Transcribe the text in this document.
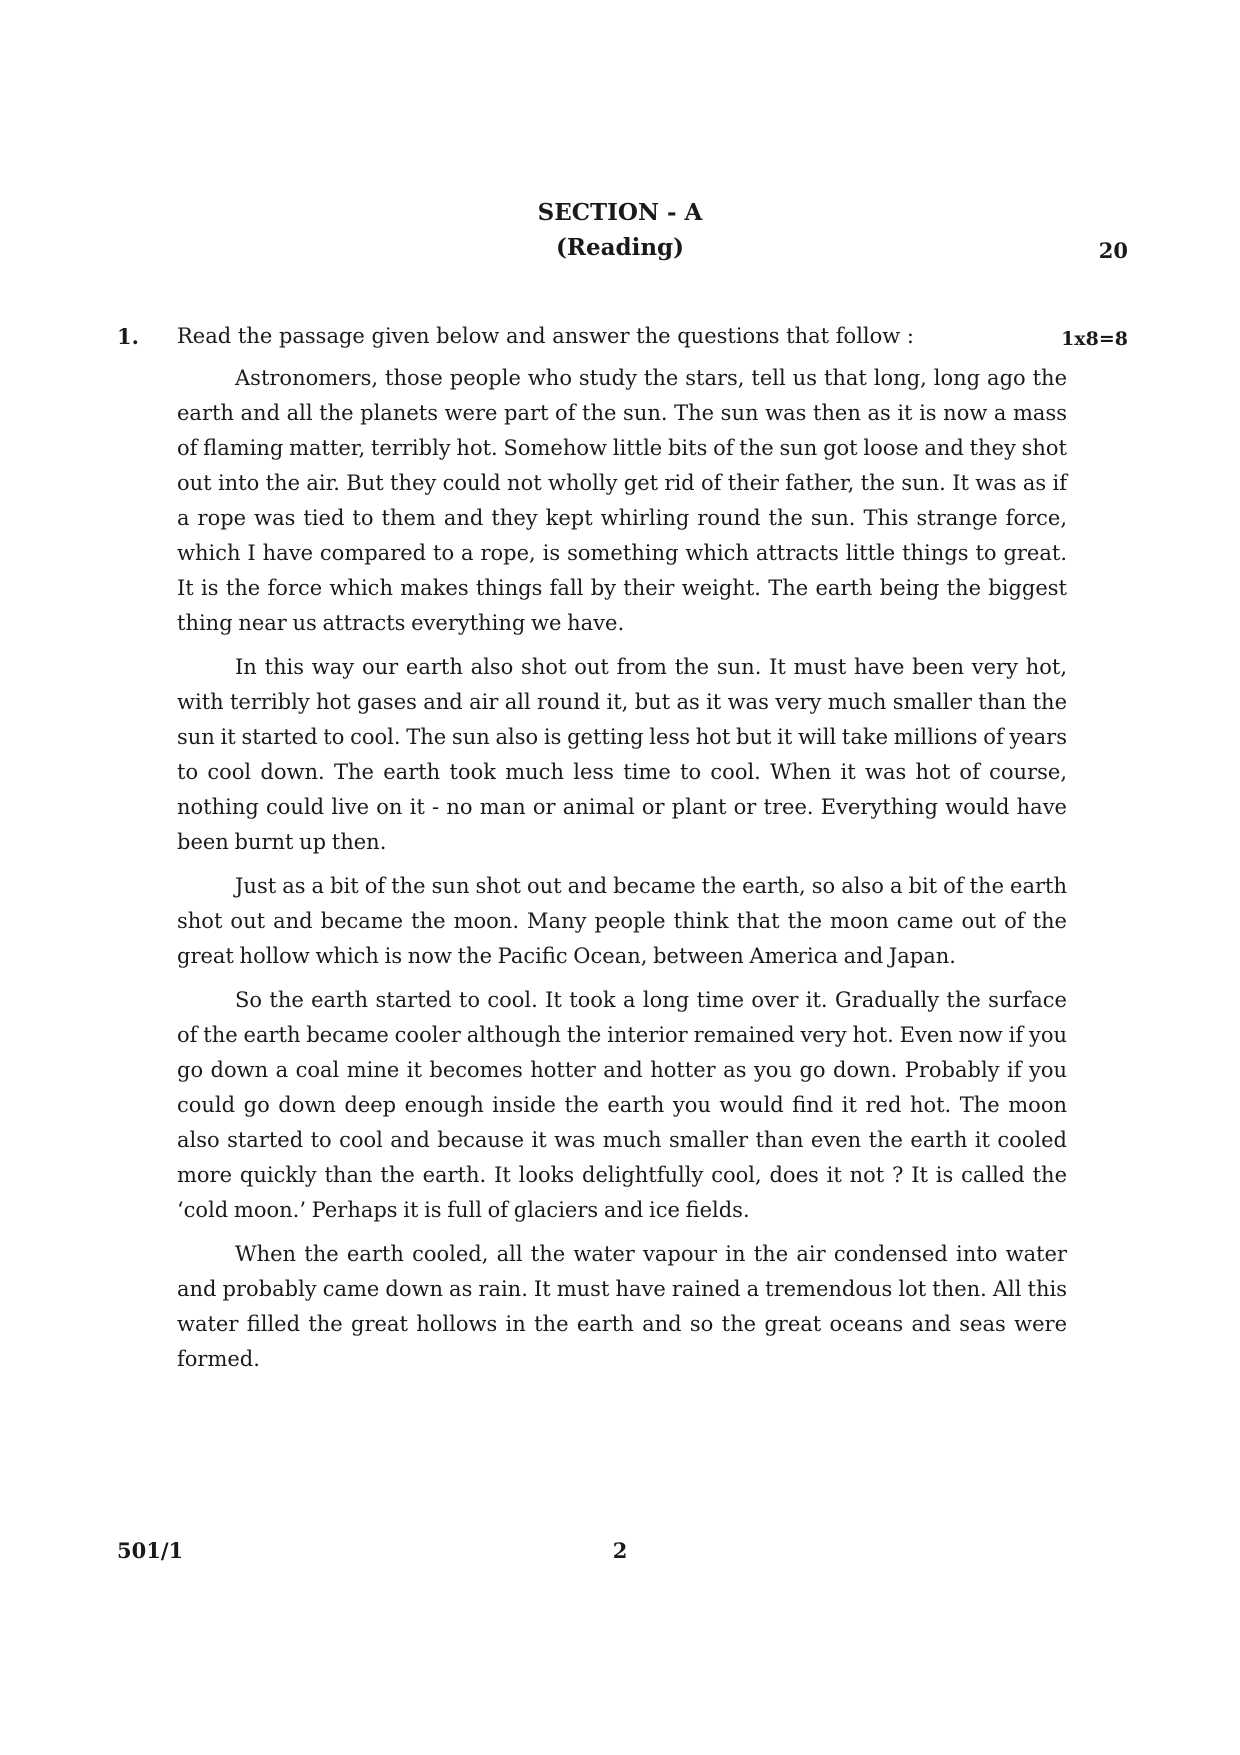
SECTION - A
(Reading)	20
1. Read the passage given below and answer the questions that follow :	1x8=8

Astronomers, those people who study the stars, tell us that long, long ago the earth and all the planets were part of the sun. The sun was then as it is now a mass of flaming matter, terribly hot. Somehow little bits of the sun got loose and they shot out into the air. But they could not wholly get rid of their father, the sun. It was as if a rope was tied to them and they kept whirling round the sun. This strange force, which I have compared to a rope, is something which attracts little things to great. It is the force which makes things fall by their weight. The earth being the biggest thing near us attracts everything we have.

In this way our earth also shot out from the sun. It must have been very hot, with terribly hot gases and air all round it, but as it was very much smaller than the sun it started to cool. The sun also is getting less hot but it will take millions of years to cool down. The earth took much less time to cool. When it was hot of course, nothing could live on it - no man or animal or plant or tree. Everything would have been burnt up then.

Just as a bit of the sun shot out and became the earth, so also a bit of the earth shot out and became the moon. Many people think that the moon came out of the great hollow which is now the Pacific Ocean, between America and Japan.

So the earth started to cool. It took a long time over it. Gradually the surface of the earth became cooler although the interior remained very hot. Even now if you go down a coal mine it becomes hotter and hotter as you go down. Probably if you could go down deep enough inside the earth you would find it red hot. The moon also started to cool and because it was much smaller than even the earth it cooled more quickly than the earth. It looks delightfully cool, does it not ? It is called the ‘cold moon.’ Perhaps it is full of glaciers and ice fields.

When the earth cooled, all the water vapour in the air condensed into water and probably came down as rain. It must have rained a tremendous lot then. All this water filled the great hollows in the earth and so the great oceans and seas were formed.

501/1	2
